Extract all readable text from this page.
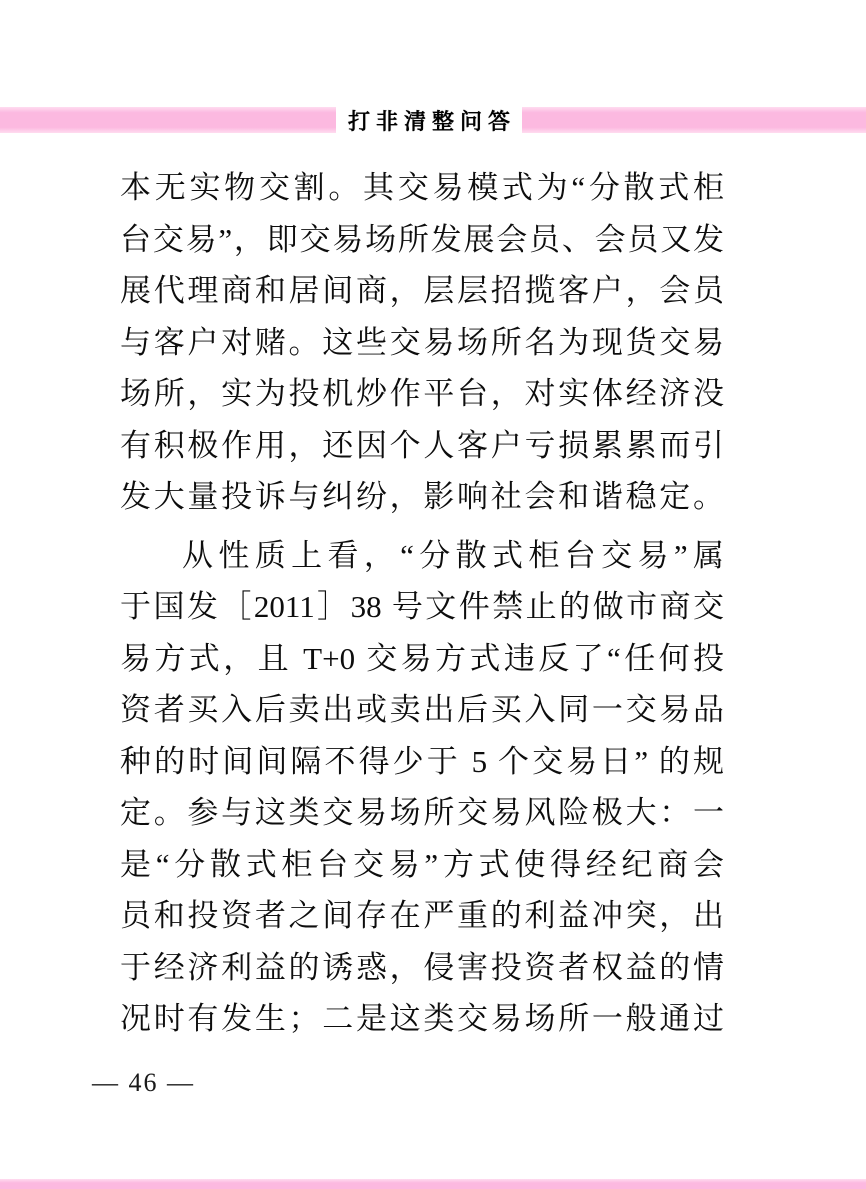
打非清整问答
本无实物交割。其交易模式为“分散式柜
台交易”，即交易场所发展会员、会员又发
展代理商和居间商，层层招揽客户，会员
与客户对赌。这些交易场所名为现货交易
场所，实为投机炒作平台，对实体经济没
有积极作用，还因个人客户亏损累累而引
发大量投诉与纠纷，影响社会和谐稳定。
从性质上看，“分散式柜台交易”属
于国发［2011］38 号文件禁止的做市商交
易方式，且 T+0 交易方式违反了“任何投
资者买入后卖出或卖出后买入同一交易品
种的时间间隔不得少于 5 个交易日” 的规
定。参与这类交易场所交易风险极大：一
是“分散式柜台交易”方式使得经纪商会
员和投资者之间存在严重的利益冲突，出
于经济利益的诱惑，侵害投资者权益的情
况时有发生；二是这类交易场所一般通过
— 46 —
